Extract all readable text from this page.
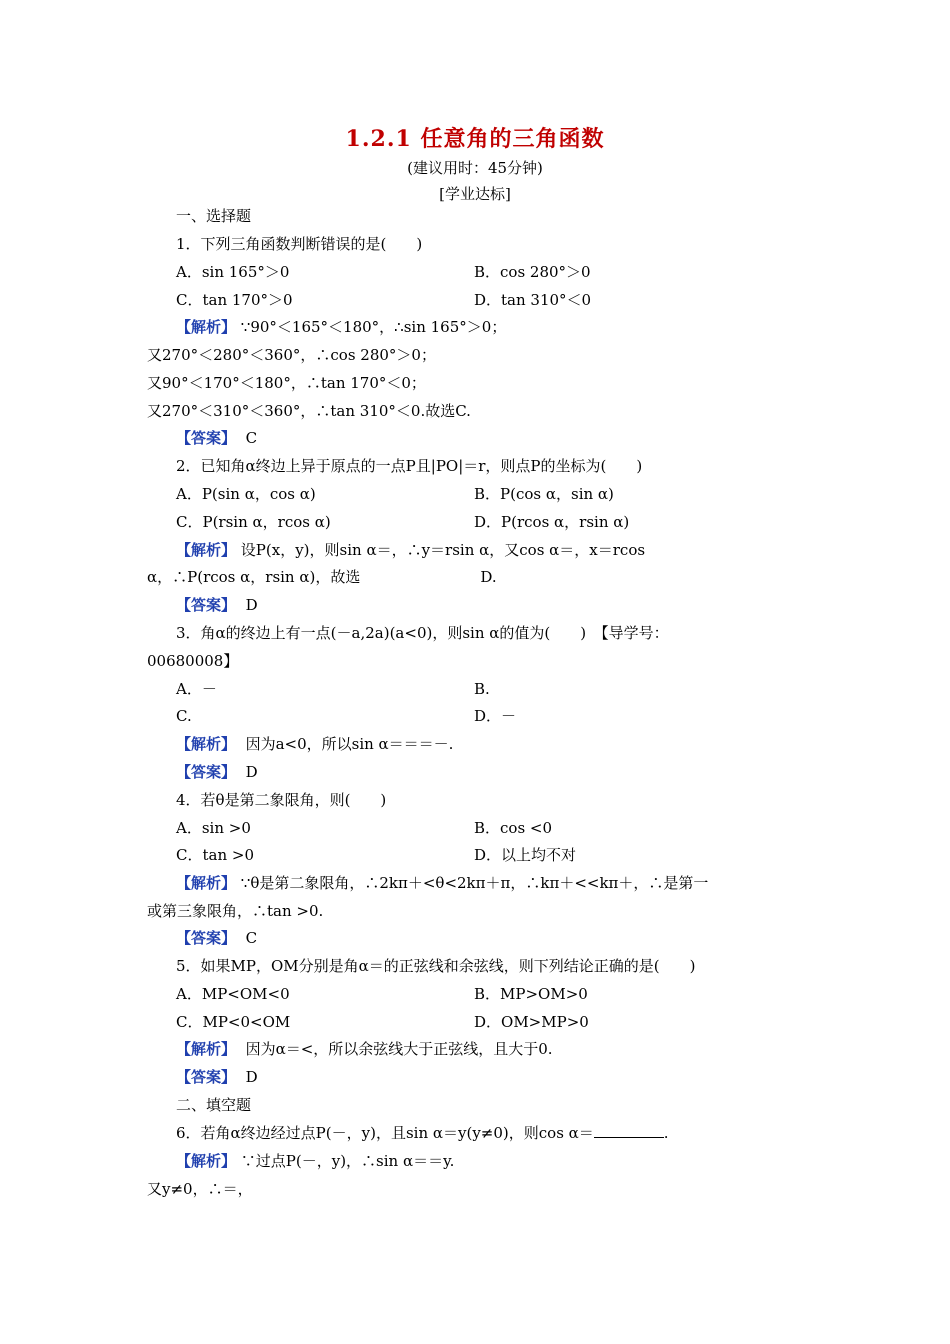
1.2.1 任意角的三角函数
(建议用时：45分钟)
[学业达标]
一、选择题
1．下列三角函数判断错误的是(　　)
A．sin 165°＞0	B．cos 280°＞0
C．tan 170°＞0	D．tan 310°＜0
【解析】 ∵90°＜165°＜180°，∴sin 165°＞0；
又270°＜280°＜360°，∴cos 280°＞0；
又90°＜170°＜180°，∴tan 170°＜0；
又270°＜310°＜360°，∴tan 310°＜0.故选C.
【答案】 C
2．已知角α终边上异于原点的一点P且|PO|＝r，则点P的坐标为(　　)
A．P(sin α，cos α)	B．P(cos α，sin α)
C．P(rsin α，rcos α)	D．P(rcos α，rsin α)
【解析】 设P(x，y)，则sin α＝，∴y＝rsin α，又cos α＝，x＝rcos
α，∴P(rcos α，rsin α)，故选　　　　　　　　D.
【答案】 D
3．角α的终边上有一点(－a,2a)(a<0)，则sin α的值为(　　)　【导学号：
00680008】
A．－	B.
C.	D．－
【解析】 因为a<0，所以sin α＝＝＝－.
【答案】 D
4．若θ是第二象限角，则(　　)
A．sin >0	B．cos <0
C．tan >0	D．以上均不对
【解析】 ∵θ是第二象限角，∴2kπ＋<θ<2kπ＋π，∴kπ＋<<kπ＋，∴是第一
或第三象限角，∴tan >0.
【答案】 C
5．如果MP，OM分别是角α＝的正弦线和余弦线，则下列结论正确的是(　　)
A．MP<OM<0	B．MP>OM>0
C．MP<0<OM	D．OM>MP>0
【解析】 因为α＝<，所以余弦线大于正弦线，且大于0.
【答案】 D
二、填空题
6．若角α终边经过点P(－，y)，且sin α＝y(y≠0)，则cos α＝	.
【解析】 ∵过点P(－，y)，∴sin α＝＝y.
又y≠0，∴＝，
